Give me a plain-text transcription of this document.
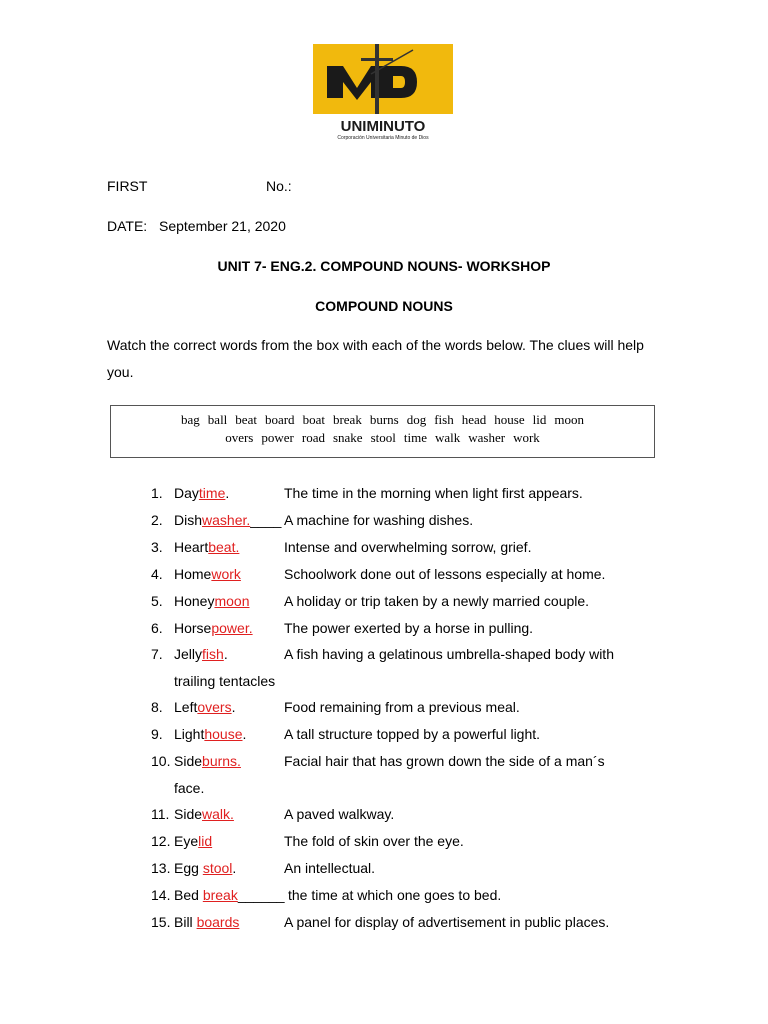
UNIMINUTO
Corporación Universitaria Minuto de Dios
FIRST	No.:
DATE: September 21, 2020
UNIT 7- ENG.2. COMPOUND NOUNS- WORKSHOP
COMPOUND NOUNS
Watch the correct words from the box with each of the words below. The clues will help you.
bag ball beat board boat break burns dog fish head house lid moon
overs power road snake stool time walk washer work
1. Daytime.	The time in the morning when light first appears.
2. Dishwasher.____ A machine for washing dishes.
3. Heartbeat.	Intense and overwhelming sorrow, grief.
4. Homework	Schoolwork done out of lessons especially at home.
5. Honeymoon A holiday or trip taken by a newly married couple.
6. Horsepower. The power exerted by a horse in pulling.
7. Jellyfish.	A fish having a gelatinous umbrella-shaped body with
trailing tentacles
8. Leftovers.	Food remaining from a previous meal.
9. Lighthouse.	A tall structure topped by a powerful light.
10. Sideburns.	Facial hair that has grown down the side of a man´s
face.
11. Sidewalk.	A paved walkway.
12. Eyelid	The fold of skin over the eye.
13. Egg stool.	An intellectual.
14. Bed break______ the time at which one goes to bed.
15. Bill boards	A panel for display of advertisement in public places.
